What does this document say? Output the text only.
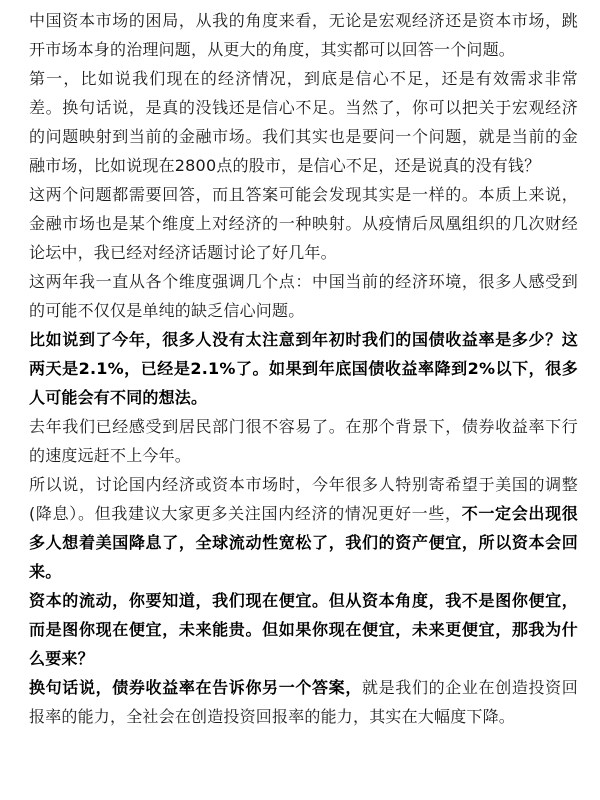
中国资本市场的困局，从我的角度来看，无论是宏观经济还是资本市场，跳开市场本身的治理问题，从更大的角度，其实都可以回答一个问题。

第一，比如说我们现在的经济情况，到底是信心不足，还是有效需求非常差。换句话说，是真的没钱还是信心不足。当然了，你可以把关于宏观经济的问题映射到当前的金融市场。我们其实也是要问一个问题，就是当前的金融市场，比如说现在2800点的股市，是信心不足，还是说真的没有钱？

这两个问题都需要回答，而且答案可能会发现其实是一样的。本质上来说，金融市场也是某个维度上对经济的一种映射。从疫情后凤凰组织的几次财经论坛中，我已经对经济话题讨论了好几年。

这两年我一直从各个维度强调几个点：中国当前的经济环境，很多人感受到的可能不仅仅是单纯的缺乏信心问题。

比如说到了今年，很多人没有太注意到年初时我们的国债收益率是多少？这两天是2.1%，已经是2.1%了。如果到年底国债收益率降到2%以下，很多人可能会有不同的想法。

去年我们已经感受到居民部门很不容易了。在那个背景下，债券收益率下行的速度远赶不上今年。

所以说，讨论国内经济或资本市场时，今年很多人特别寄希望于美国的调整(降息）。但我建议大家更多关注国内经济的情况更好一些，不一定会出现很多人想着美国降息了，全球流动性宽松了，我们的资产便宜，所以资本会回来。

资本的流动，你要知道，我们现在便宜。但从资本角度，我不是图你便宜，而是图你现在便宜，未来能贵。但如果你现在便宜，未来更便宜，那我为什么要来？

换句话说，债券收益率在告诉你另一个答案，就是我们的企业在创造投资回报率的能力，全社会在创造投资回报率的能力，其实在大幅度下降。
